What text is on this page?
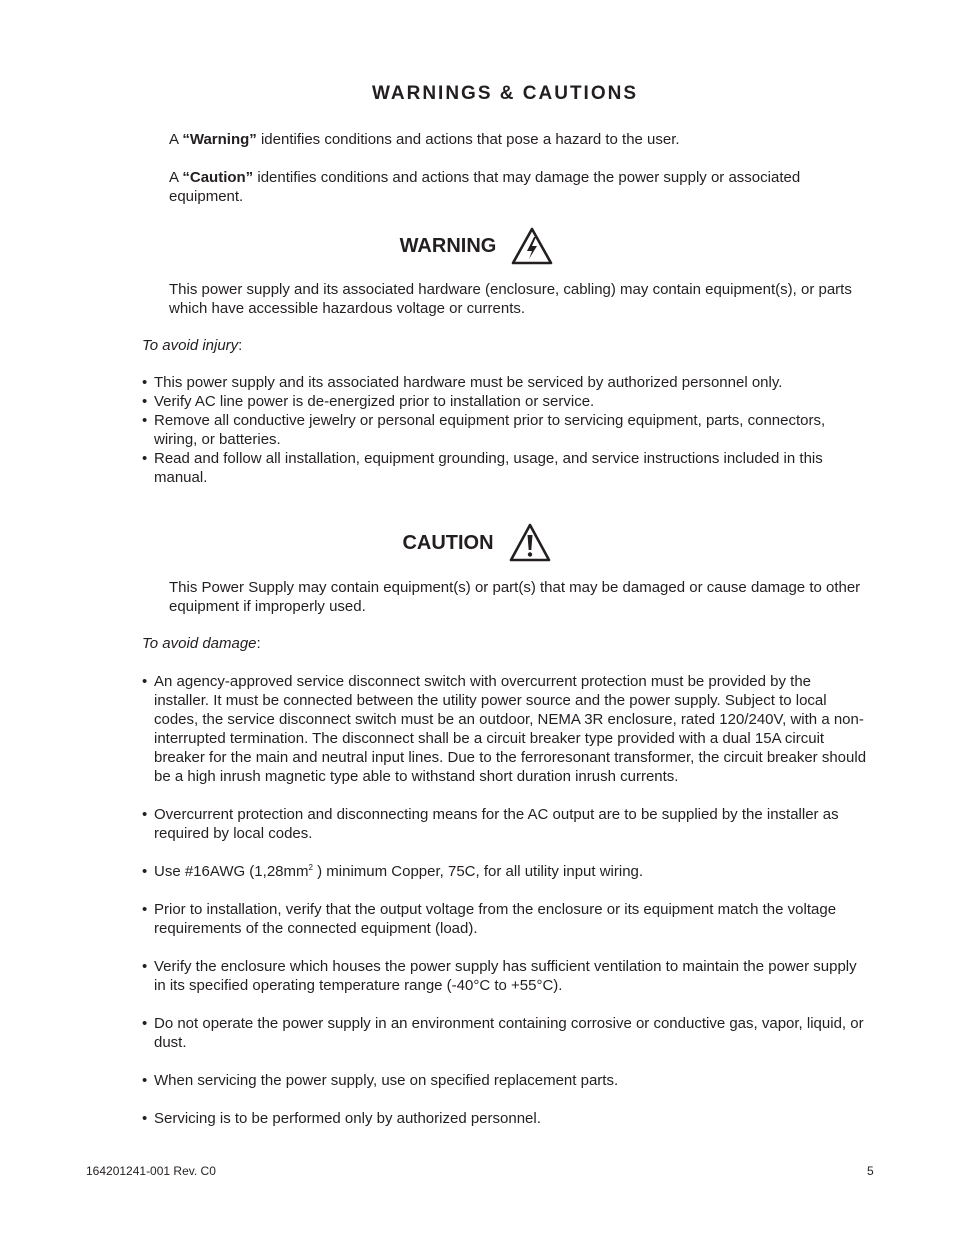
WARNINGS & CAUTIONS
A “Warning” identifies conditions and actions that pose a hazard to the user.
A “Caution” identifies conditions and actions that may damage the power supply or associated equipment.
WARNING
This power supply and its associated hardware (enclosure, cabling) may contain equipment(s), or parts which have accessible hazardous voltage or currents.
To avoid injury:
• This power supply and its associated hardware must be serviced by authorized personnel only.
• Verify AC line power is de-energized prior to installation or service.
• Remove all conductive jewelry or personal equipment prior to servicing equipment, parts, connectors, wiring, or batteries.
• Read and follow all installation, equipment grounding, usage, and service instructions included in this manual.
CAUTION
This Power Supply may contain equipment(s) or part(s) that may be damaged or cause damage to other equipment if improperly used.
To avoid damage:
• An agency-approved service disconnect switch with overcurrent protection must be provided by the installer. It must be connected between the utility power source and the power supply. Subject to local codes, the service disconnect switch must be an outdoor, NEMA 3R enclosure, rated 120/240V, with a non-interrupted termination. The disconnect shall be a circuit breaker type provided with a dual 15A circuit breaker for the main and neutral input lines. Due to the ferroresonant transformer, the circuit breaker should be a high inrush magnetic type able to withstand short duration inrush currents.
• Overcurrent protection and disconnecting means for the AC output are to be supplied by the installer as required by local codes.
• Use #16AWG ($1,28mm^2$ ) minimum Copper, 75C, for all utility input wiring.
• Prior to installation, verify that the output voltage from the enclosure or its equipment match the voltage requirements of the connected equipment (load).
• Verify the enclosure which houses the power supply has sufficient ventilation to maintain the power supply in its specified operating temperature range (-40°C to +55°C).
• Do not operate the power supply in an environment containing corrosive or conductive gas, vapor, liquid, or dust.
• When servicing the power supply, use on specified replacement parts.
• Servicing is to be performed only by authorized personnel.
164201241-001 Rev. C0	5
